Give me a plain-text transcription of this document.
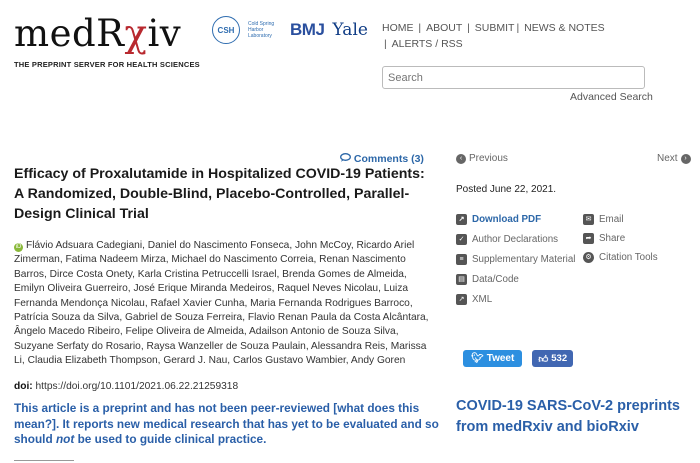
medRχiv
THE PREPRINT SERVER FOR HEALTH SCIENCES
CSH
Cold Spring Harbor Laboratory BMJ Yale HOME | ABOUT | SUBMIT | NEWS & NOTES
| ALERTS / RSS
Search
Advanced Search
Comments (3)
Efficacy of Proxalutamide in Hospitalized COVID-19 Patients: A Randomized, Double-Blind, Placebo-Controlled, Parallel-Design Clinical Trial
iD Flávio Adsuara Cadegiani, Daniel do Nascimento Fonseca, John McCoy, Ricardo Ariel Zimerman, Fatima Nadeem Mirza, Michael do Nascimento Correia, Renan Nascimento Barros, Dirce Costa Onety, Karla Cristina Petruccelli Israel, Brenda Gomes de Almeida, Emilyn Oliveira Guerreiro, José Erique Miranda Medeiros, Raquel Neves Nicolau, Luiza Fernanda Mendonça Nicolau, Rafael Xavier Cunha, Maria Fernanda Rodrigues Barroco, Patrícia Souza da Silva, Gabriel de Souza Ferreira, Flavio Renan Paula da Costa Alcântara, Ângelo Macedo Ribeiro, Felipe Oliveira de Almeida, Adailson Antonio de Souza Silva, Suzyane Serfaty do Rosario, Raysa Wanzeller de Souza Paulain, Alessandra Reis, Marissa Li, Claudia Elizabeth Thompson, Gerard J. Nau, Carlos Gustavo Wambier, Andy Goren
doi: https://doi.org/10.1101/2021.06.22.21259318
This article is a preprint and has not been peer-reviewed [what does this mean?]. It reports new medical research that has yet to be evaluated and so should not be used to guide clinical practice.
‹ Previous	Next ›
Posted June 22, 2021.
↗ Download PDF
✓ Author Declarations
≡ Supplementary Material
▤ Data/Code
↗ XML
✉ Email
➦ Share
⚙ Citation Tools
🐦︎ Tweet	👍︎ 532
COVID-19 SARS-CoV-2 preprints from medRxiv and bioRxiv
